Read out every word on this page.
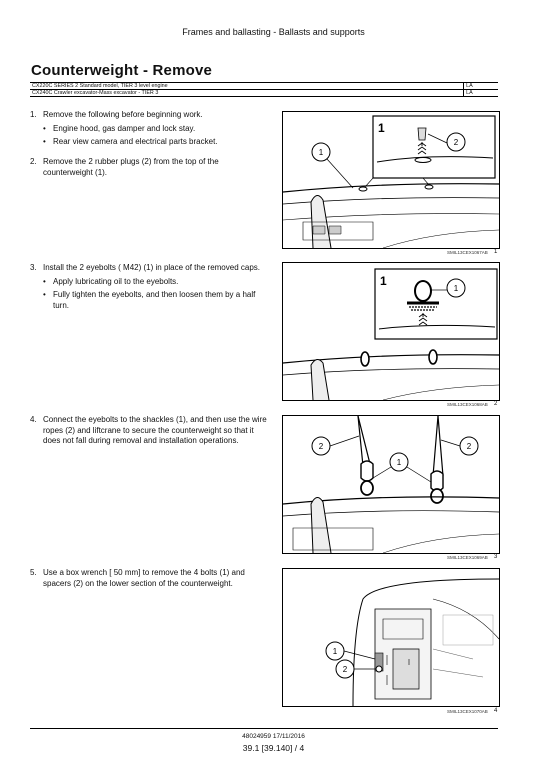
Frames and ballasting - Ballasts and supports
Counterweight - Remove
CX220C SERIES 2 Standard model, TIER 3 level engine	LA
CX240C Crawler excavator-Mass excavator - TIER 3	LA
1. Remove the following before beginning work.
• Engine hood, gas damper and lock stay.
• Rear view camera and electrical parts bracket.
2. Remove the 2 rubber plugs (2) from the top of the counterweight (1).
3. Install the 2 eyebolts ( M42) (1) in place of the removed caps.
• Apply lubricating oil to the eyebolts.
• Fully tighten the eyebolts, and then loosen them by a half turn.
4. Connect the eyebolts to the shackles (1), and then use the wire ropes (2) and liftcrane to secure the counterweight so that it does not fall during removal and installation operations.
5. Use a box wrench [ 50 mm] to remove the 4 bolts (1) and spacers (2) on the lower section of the counterweight.
1
2
1
SMIL13CEX1067AB 1
1
1
SMIL13CEX1068AB 2
2	2
1
SMIL13CEX1069AB 3
1
2
SMIL13CEX1070AB 4
48024959 17/11/2016
39.1 [39.140] / 4
